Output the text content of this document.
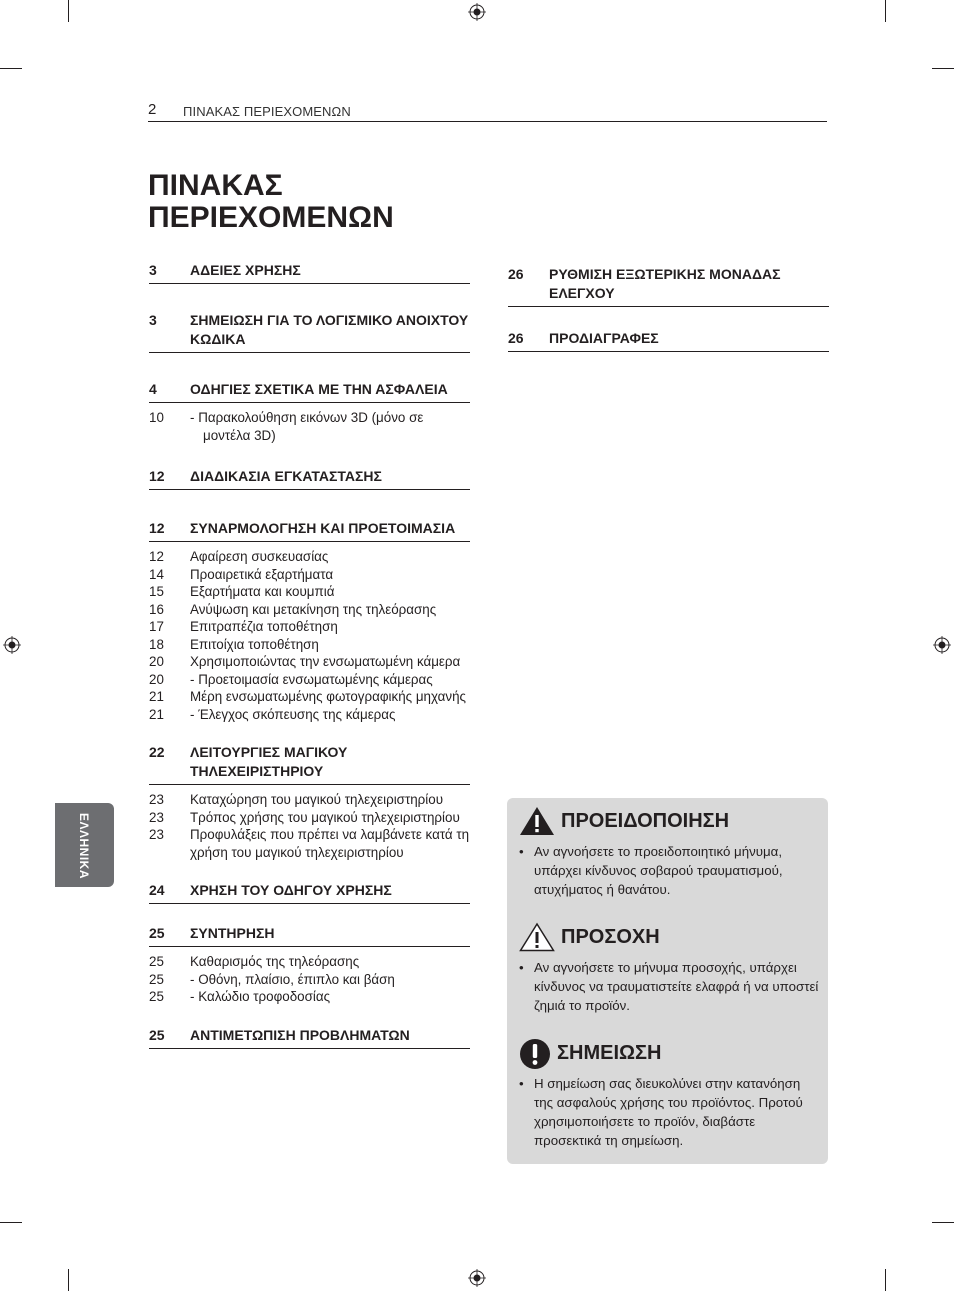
2 ΠΙΝΑΚΑΣ ΠΕΡΙΕΧΟΜΕΝΩΝ
ΠΙΝΑΚΑΣ
ΠΕΡΙΕΧΟΜΕΝΩΝ
3 ΑΔΕΙΕΣ ΧΡΗΣΗΣ
3 ΣΗΜΕΙΩΣΗ ΓΙΑ ΤΟ ΛΟΓΙΣΜΙΚΟ ΑΝΟΙΧΤΟΥ ΚΩΔΙΚΑ
4 ΟΔΗΓΙΕΣ ΣΧΕΤΙΚΑ ΜΕ ΤΗΝ ΑΣΦΑΛΕΙΑ
10	- Παρακολούθηση εικόνων 3D (μόνο σε μοντέλα 3D)
12 ΔΙΑΔΙΚΑΣΙΑ ΕΓΚΑΤΑΣΤΑΣΗΣ
12 ΣΥΝΑΡΜΟΛΟΓΗΣΗ ΚΑΙ ΠΡΟΕΤΟΙΜΑΣΙΑ
12 Αφαίρεση συσκευασίας
14 Προαιρετικά εξαρτήματα
15 Εξαρτήματα και κουμπιά
16 Ανύψωση και μετακίνηση της τηλεόρασης
17 Επιτραπέζια τοποθέτηση
18 Επιτοίχια τοποθέτηση
20 Χρησιμοποιώντας την ενσωματωμένη κάμερα
20	- Προετοιμασία ενσωματωμένης κάμερας
21 Μέρη ενσωματωμένης φωτογραφικής μηχανής
21	- Έλεγχος σκόπευσης της κάμερας
22 ΛΕΙΤΟΥΡΓΙΕΣ ΜΑΓΙΚΟΥ ΤΗΛΕΧΕΙΡΙΣΤΗΡΙΟΥ
23 Καταχώρηση του μαγικού τηλεχειριστηρίου
23 Τρόπος χρήσης του μαγικού τηλεχειριστηρίου
23 Προφυλάξεις που πρέπει να λαμβάνετε κατά τη χρήση του μαγικού τηλεχειριστηρίου
24 ΧΡΗΣΗ ΤΟΥ ΟΔΗΓΟΥ ΧΡΗΣΗΣ
25 ΣΥΝΤΗΡΗΣΗ
25 Καθαρισμός της τηλεόρασης
25	- Οθόνη, πλαίσιο, έπιπλο και βάση
25	- Καλώδιο τροφοδοσίας
25 ΑΝΤΙΜΕΤΩΠΙΣΗ ΠΡΟΒΛΗΜΑΤΩΝ
26 ΡΥΘΜΙΣΗ ΕΞΩΤΕΡΙΚΗΣ ΜΟΝΑΔΑΣ ΕΛΕΓΧΟΥ
26 ΠΡΟΔΙΑΓΡΑΦΕΣ
ΕΛΛΗΝΙΚΑ	ΠΡΟΕΙΔΟΠΟΙΗΣΗ

• Αν αγνοήσετε το προειδοποιητικό μήνυμα, υπάρχει κίνδυνος σοβαρού τραυματισμού, ατυχήματος ή θανάτου.

ΠΡΟΣΟΧΗ

• Αν αγνοήσετε το μήνυμα προσοχής, υπάρχει κίνδυνος να τραυματιστείτε ελαφρά ή να υποστεί ζημιά το προϊόν.

ΣΗΜΕΙΩΣΗ

• Η σημείωση σας διευκολύνει στην κατανόηση της ασφαλούς χρήσης του προϊόντος. Προτού χρησιμοποιήσετε το προϊόν, διαβάστε προσεκτικά τη σημείωση.
